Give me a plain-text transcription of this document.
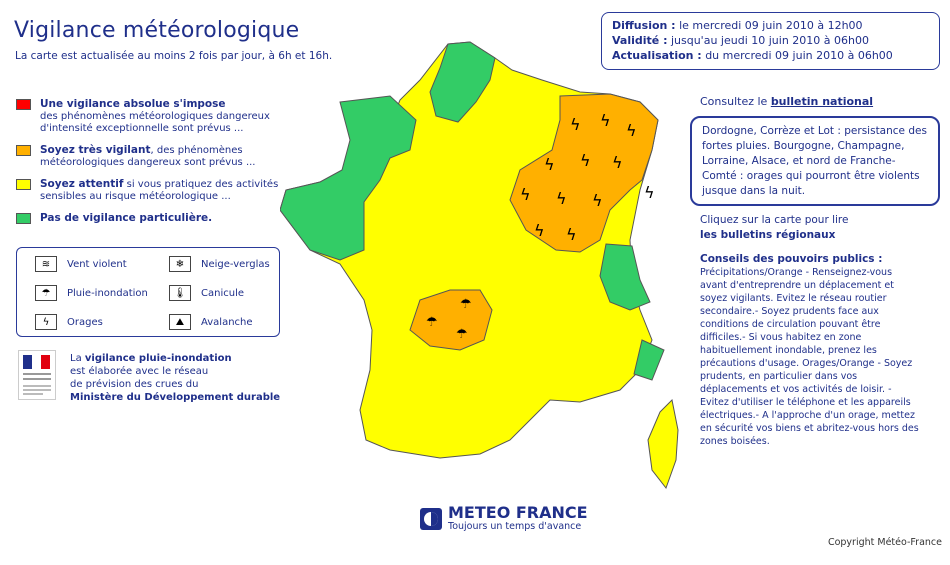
Vigilance météorologique
La carte est actualisée au moins 2 fois par jour, à 6h et 16h.
Diffusion : le mercredi 09 juin 2010 à 12h00
Validité : jusqu'au jeudi 10 juin 2010 à 06h00
Actualisation : du mercredi 09 juin 2010 à 06h00
Une vigilance absolue s'impose
des phénomènes météorologiques dangereux d'intensité exceptionnelle sont prévus ...
Soyez très vigilant, des phénomènes météorologiques dangereux sont prévus ...
Soyez attentif si vous pratiquez des activités sensibles au risque météorologique ...
Pas de vigilance particulière.
≋	Vent violent	❄	Neige-verglas
☂	Pluie-inondation	🌡	Canicule
ϟ	Orages	⛰	Avalanche
La vigilance pluie-inondation
est élaborée avec le réseau
de prévision des crues du
Ministère du Développement durable
ϟ ϟ
ϟ
ϟ ϟ ϟ
ϟ ϟ ϟ
ϟ ϟ
ϟ
☂
☂
☂
Consultez le bulletin national
Dordogne, Corrèze et Lot : persistance des fortes pluies. Bourgogne, Champagne, Lorraine, Alsace, et nord de Franche-Comté : orages qui pourront être violents jusque dans la nuit.
Cliquez sur la carte pour lire
les bulletins régionaux
Conseils des pouvoirs publics :
Précipitations/Orange - Renseignez-vous avant d'entreprendre un déplacement et soyez vigilants. Evitez le réseau routier secondaire.- Soyez prudents face aux conditions de circulation pouvant être difficiles.- Si vous habitez en zone habituellement inondable, prenez les précautions d'usage. Orages/Orange - Soyez prudents, en particulier dans vos déplacements et vos activités de loisir. - Evitez d'utiliser le téléphone et les appareils électriques.- A l'approche d'un orage, mettez en sécurité vos biens et abritez-vous hors des zones boisées.
METEO FRANCE
Toujours un temps d'avance
Copyright Météo-France
